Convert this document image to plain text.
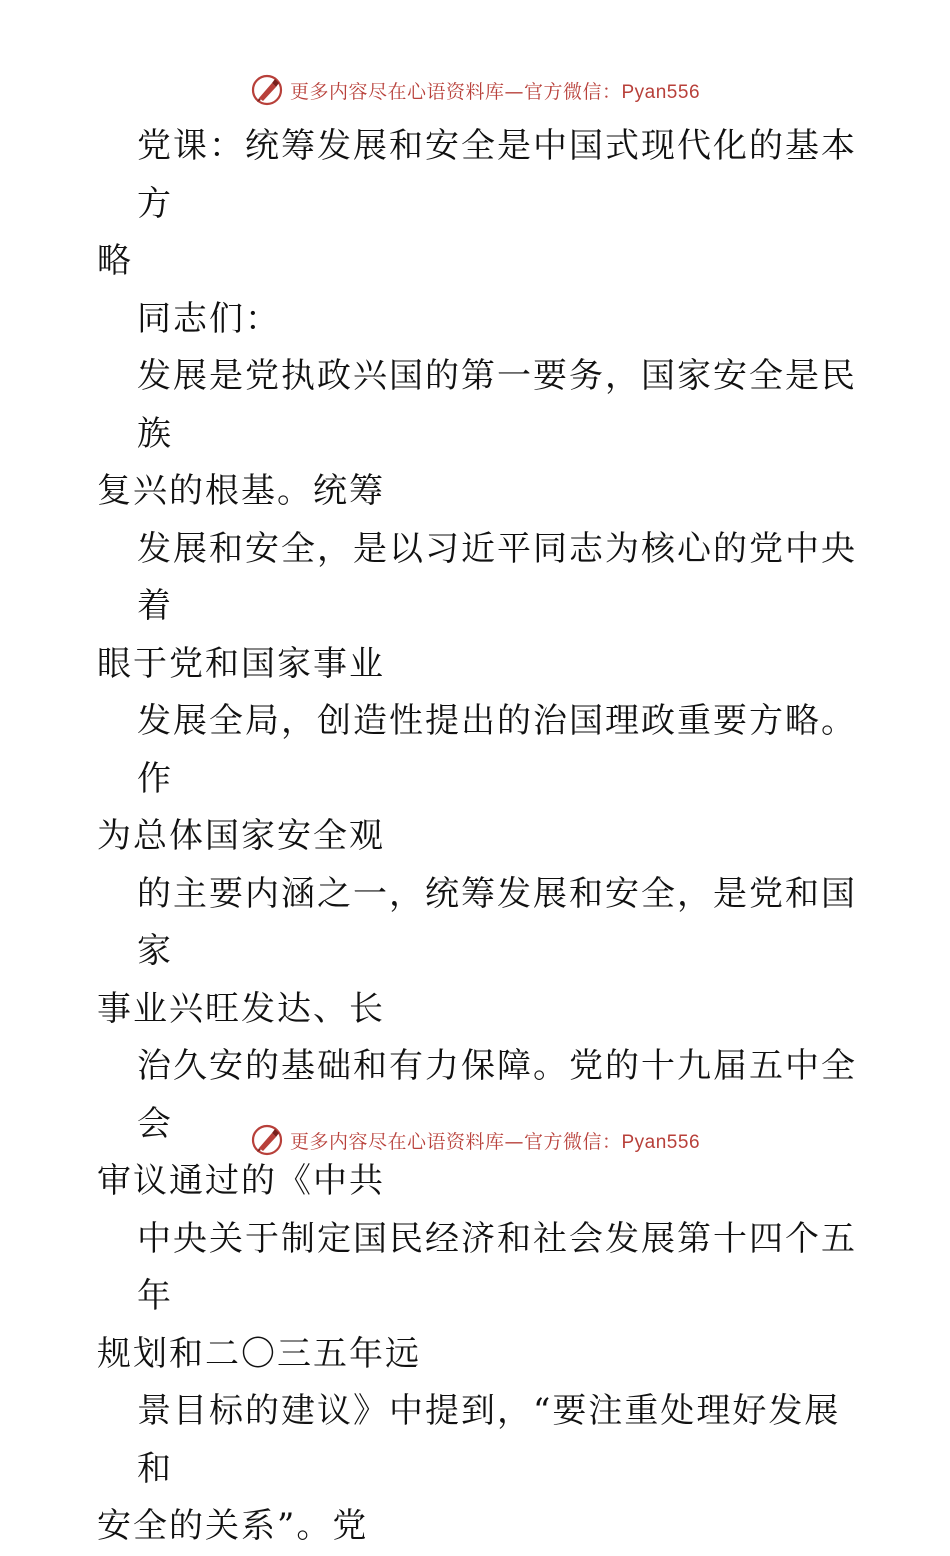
更多内容尽在心语资料库—官方微信：Pyan556

党课：统筹发展和安全是中国式现代化的基本方
略

同志们：

发展是党执政兴国的第一要务，国家安全是民族
复兴的根基。统筹

发展和安全，是以习近平同志为核心的党中央着
眼于党和国家事业

发展全局，创造性提出的治国理政重要方略。作
为总体国家安全观

的主要内涵之一，统筹发展和安全，是党和国家
事业兴旺发达、长

治久安的基础和有力保障。党的十九届五中全会
审议通过的《中共

中央关于制定国民经济和社会发展第十四个五年
规划和二〇三五年远

景目标的建议》中提到，“要注重处理好发展和
安全的关系”。党

更多内容尽在心语资料库—官方微信：Pyan556
